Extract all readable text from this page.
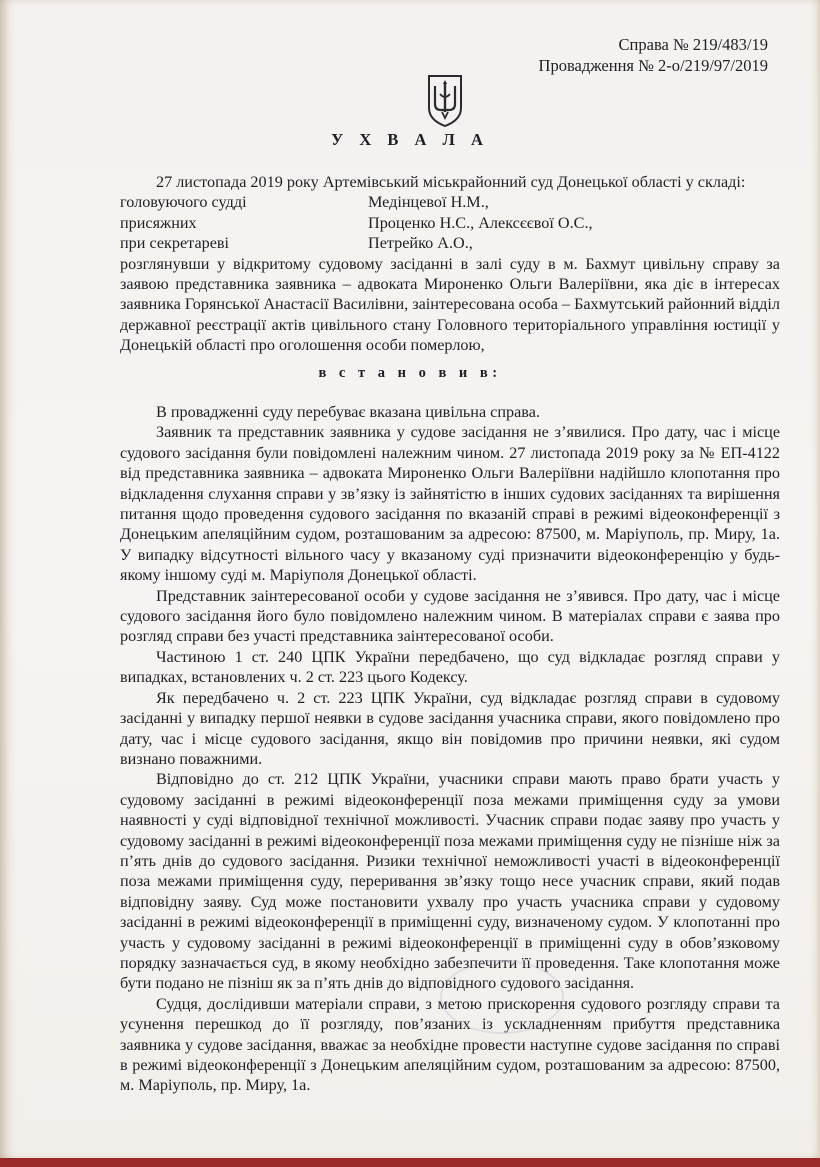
Справа № 219/483/19
Провадження № 2-о/219/97/2019
У Х В А Л А

27 листопада 2019 року Артемівський міськрайонний суд Донецької області у складі:

головуючого судді	Медінцевої Н.М.,
присяжних	Проценко Н.С., Алексєєвої О.С.,
при секретареві	Петрейко А.О.,

розглянувши у відкритому судовому засіданні в залі суду в м. Бахмут цивільну справу за заявою представника заявника – адвоката Мироненко Ольги Валеріївни, яка діє в інтересах заявника Горянської Анастасії Василівни, заінтересована особа – Бахмутський районний відділ державної реєстрації актів цивільного стану Головного територіального управління юстиції у Донецькій області про оголошення особи померлою,

в с т а н о в и в:

В провадженні суду перебуває вказана цивільна справа.

Заявник та представник заявника у судове засідання не з’явилися. Про дату, час і місце судового засідання були повідомлені належним чином. 27 листопада 2019 року за № ЕП-4122 від представника заявника – адвоката Мироненко Ольги Валеріївни надійшло клопотання про відкладення слухання справи у зв’язку із зайнятістю в інших судових засіданнях та вирішення питання щодо проведення судового засідання по вказаній справі в режимі відеоконференції з Донецьким апеляційним судом, розташованим за адресою: 87500, м. Маріуполь, пр. Миру, 1а. У випадку відсутності вільного часу у вказаному суді призначити відеоконференцію у будь-якому іншому суді м. Маріуполя Донецької області.

Представник заінтересованої особи у судове засідання не з’явився. Про дату, час і місце судового засідання його було повідомлено належним чином. В матеріалах справи є заява про розгляд справи без участі представника заінтересованої особи.

Частиною 1 ст. 240 ЦПК України передбачено, що суд відкладає розгляд справи у випадках, встановлених ч. 2 ст. 223 цього Кодексу.

Як передбачено ч. 2 ст. 223 ЦПК України, суд відкладає розгляд справи в судовому засіданні у випадку першої неявки в судове засідання учасника справи, якого повідомлено про дату, час і місце судового засідання, якщо він повідомив про причини неявки, які судом визнано поважними.

Відповідно до ст. 212 ЦПК України, учасники справи мають право брати участь у судовому засіданні в режимі відеоконференції поза межами приміщення суду за умови наявності у суді відповідної технічної можливості. Учасник справи подає заяву про участь у судовому засіданні в режимі відеоконференції поза межами приміщення суду не пізніше ніж за п’ять днів до судового засідання. Ризики технічної неможливості участі в відеоконференції поза межами приміщення суду, переривання зв’язку тощо несе учасник справи, який подав відповідну заяву. Суд може постановити ухвалу про участь учасника справи у судовому засіданні в режимі відеоконференції в приміщенні суду, визначеному судом. У клопотанні про участь у судовому засіданні в режимі відеоконференції в приміщенні суду в обов’язковому порядку зазначається суд, в якому необхідно забезпечити її проведення. Таке клопотання може бути подано не пізніш як за п’ять днів до відповідного судового засідання.

Судця, дослідивши матеріали справи, з метою прискорення судового розгляду справи та усунення перешкод до її розгляду, пов’язаних із ускладненням прибуття представника заявника у судове засідання, вважає за необхідне провести наступне судове засідання по справі в режимі відеоконференції з Донецьким апеляційним судом, розташованим за адресою: 87500, м. Маріуполь, пр. Миру, 1а.
